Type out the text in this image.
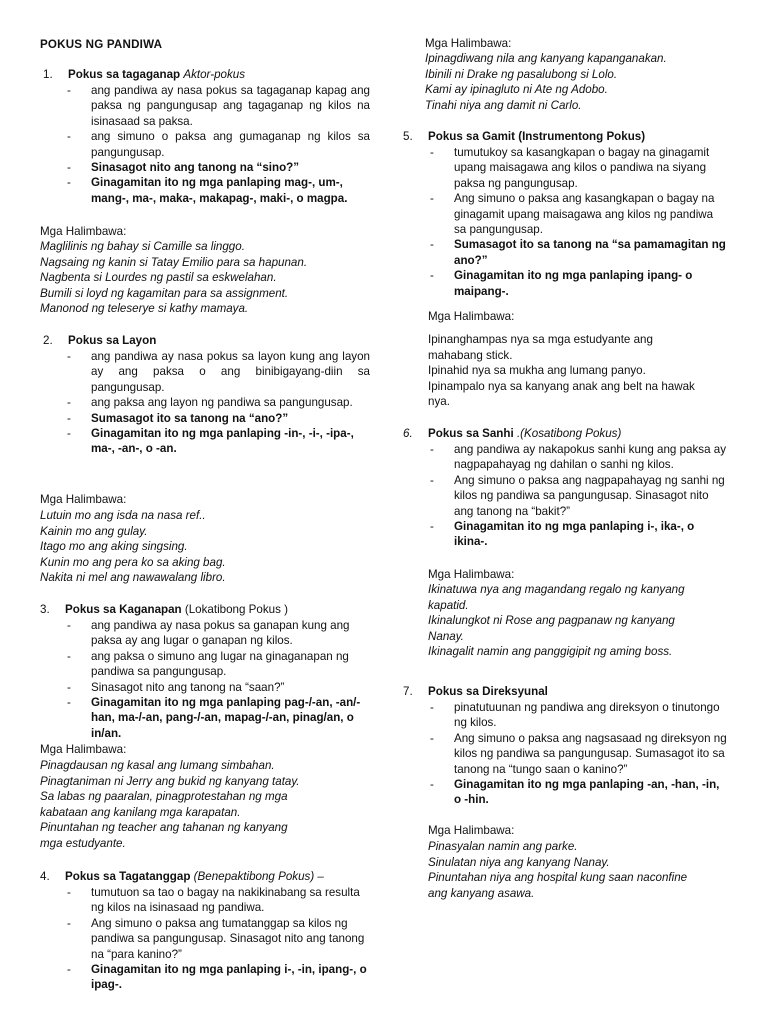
POKUS NG PANDIWA
1.	Pokus sa tagaganap
Aktor-pokus
-	ang pandiwa ay nasa pokus sa tagaganap kapag ang paksa ng pangungusap ang tagaganap ng kilos na isinasaad sa paksa.
-	ang simuno o paksa ang gumaganap ng kilos sa pangungusap.
-	Sinasagot nito ang tanong na “sino?”
-	Ginagamitan ito ng mga panlaping mag-, um-, mang-, ma-, maka-, makapag-, maki-, o magpa.
Mga Halimbawa:
Maglilinis ng bahay si Camille sa linggo.
Nagsaing ng kanin si Tatay Emilio para sa hapunan.
Nagbenta si Lourdes ng pastil sa eskwelahan.
Bumili si loyd ng kagamitan para sa assignment.
Manonod ng teleserye si kathy mamaya.
2.	Pokus sa Layon
-	ang pandiwa ay nasa pokus sa layon kung ang layon ay ang paksa o ang binibigayang-diin sa pangungusap.
-	ang paksa ang layon ng pandiwa sa pangungusap.
-	Sumasagot ito sa tanong na “ano?”
-	Ginagamitan ito ng mga panlaping -in-, -i-, -ipa-, ma-, -an-, o -an.
Mga Halimbawa:
Lutuin mo ang isda na nasa ref..
Kainin mo ang gulay.
Itago mo ang aking singsing.
Kunin mo ang pera ko sa aking bag.
Nakita ni mel ang nawawalang libro.
3.	Pokus sa Kaganapan
(Lokatibong Pokus )
-	ang pandiwa ay nasa pokus sa ganapan kung ang paksa ay ang lugar o ganapan ng kilos.
-	ang paksa o simuno ang lugar na ginaganapan ng pandiwa sa pangungusap.
-	Sinasagot nito ang tanong na “saan?”
-	Ginagamitan ito ng mga panlaping pag-/-an, -an/-han, ma-/-an, pang-/-an, mapag-/-an, pinag/an, o in/an.
Mga Halimbawa:
Pinagdausan ng kasal ang lumang simbahan.
Pinagtaniman ni Jerry ang bukid ng kanyang tatay.
Sa labas ng paaralan, pinagprotestahan ng mga
kabataan ang kanilang mga karapatan.
Pinuntahan ng teacher ang tahanan ng kanyang
mga estudyante.
4.	Pokus sa Tagatanggap
(Benepaktibong Pokus) –
-	tumutuon sa tao o bagay na nakikinabang sa resulta ng kilos na isinasaad ng pandiwa.
-	Ang simuno o paksa ang tumatanggap sa kilos ng pandiwa sa pangungusap. Sinasagot nito ang tanong na “para kanino?”
-	Ginagamitan ito ng mga panlaping i-, -in, ipang-, o ipag-.
Mga Halimbawa:
Ipinagdiwang nila ang kanyang kapanganakan.
Ibinili ni Drake ng pasalubong si Lolo.
Kami ay ipinagluto ni Ate ng Adobo.
Tinahi niya ang damit ni Carlo.
5.	Pokus sa Gamit (Instrumentong Pokus)
-	tumutukoy sa kasangkapan o bagay na ginagamit upang maisagawa ang kilos o pandiwa na siyang paksa ng pangungusap.
-	Ang simuno o paksa ang kasangkapan o bagay na ginagamit upang maisagawa ang kilos ng pandiwa sa pangungusap.
-	Sumasagot ito sa tanong na “sa pamamagitan ng ano?”
-	Ginagamitan ito ng mga panlaping ipang- o maipang-.
Mga Halimbawa:
Ipinanghampas nya sa mga estudyante ang mahabang stick.
Ipinahid nya sa mukha ang lumang panyo.
Ipinampalo nya sa kanyang anak ang belt na hawak nya.
6.	Pokus sa Sanhi
.(Kosatibong Pokus)
-	ang pandiwa ay nakapokus sanhi kung ang paksa ay nagpapahayag ng dahilan o sanhi ng kilos.
-	Ang simuno o paksa ang nagpapahayag ng sanhi ng kilos ng pandiwa sa pangungusap. Sinasagot nito ang tanong na “bakit?”
-	Ginagamitan ito ng mga panlaping i-, ika-, o ikina-.
Mga Halimbawa:
Ikinatuwa nya ang magandang regalo ng kanyang
kapatid.
Ikinalungkot ni Rose ang pagpanaw ng kanyang
Nanay.
Ikinagalit namin ang panggigipit ng aming boss.
7.	Pokus sa Direksyunal
-	pinatutuunan ng pandiwa ang direksyon o tinutongo ng kilos.
-	Ang simuno o paksa ang nagsasaad ng direksyon ng kilos ng pandiwa sa pangungusap. Sumasagot ito sa tanong na “tungo saan o kanino?”
-	Ginagamitan ito ng mga panlaping -an, -han, -in, o -hin.
Mga Halimbawa:
Pinasyalan namin ang parke.
Sinulatan niya ang kanyang Nanay.
Pinuntahan niya ang hospital kung saan naconfine
ang kanyang asawa.
